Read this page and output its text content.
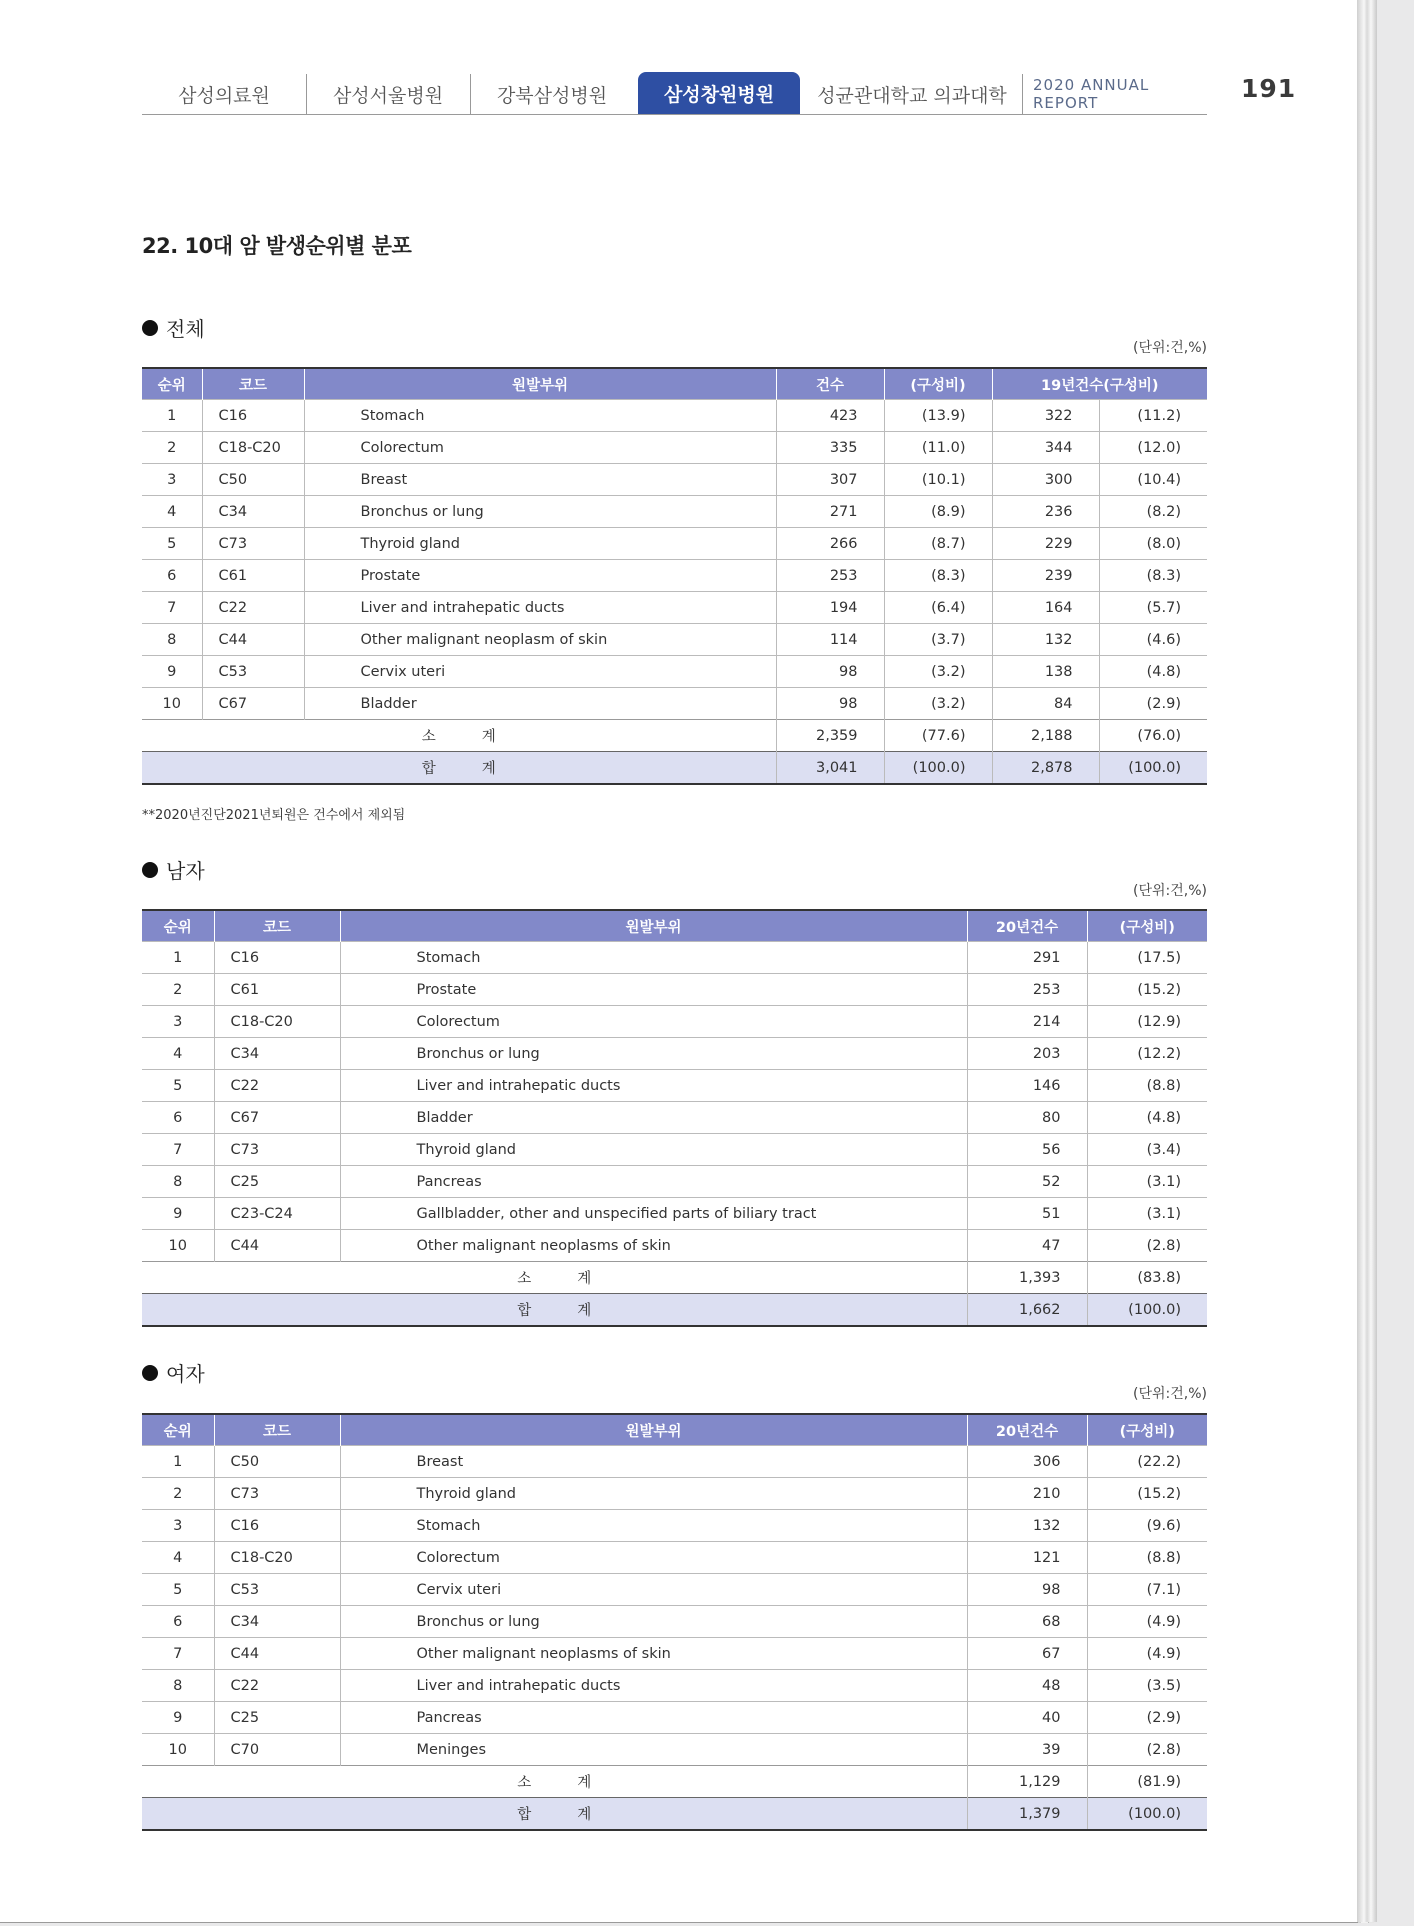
삼성의료원	삼성서울병원	강북삼성병원	삼성창원병원	성균관대학교 의과대학	2020 ANNUAL REPORT	191
22. 10대 암 발생순위별 분포
전체
(단위:건,%)
순위	코드	원발부위	건수	(구성비)	19년건수(구성비)	
1	C16	Stomach	423	(13.9)	322	(11.2)
2	C18-C20	Colorectum	335	(11.0)	344	(12.0)
3	C50	Breast	307	(10.1)	300	(10.4)
4	C34	Bronchus or lung	271	(8.9)	236	(8.2)
5	C73	Thyroid gland	266	(8.7)	229	(8.0)
6	C61	Prostate	253	(8.3)	239	(8.3)
7	C22	Liver and intrahepatic ducts	194	(6.4)	164	(5.7)
8	C44	Other malignant neoplasm of skin	114	(3.7)	132	(4.6)
9	C53	Cervix uteri	98	(3.2)	138	(4.8)
10	C67	Bladder	98	(3.2)	84	(2.9)
소          계			2,359	(77.6)	2,188	(76.0)
합          계			3,041	(100.0)	2,878	(100.0)
**2020년진단2021년퇴원은 건수에서 제외됨
남자
(단위:건,%)
순위	코드	원발부위	20년건수	(구성비)
1	C16	Stomach	291	(17.5)
2	C61	Prostate	253	(15.2)
3	C18-C20	Colorectum	214	(12.9)
4	C34	Bronchus or lung	203	(12.2)
5	C22	Liver and intrahepatic ducts	146	(8.8)
6	C67	Bladder	80	(4.8)
7	C73	Thyroid gland	56	(3.4)
8	C25	Pancreas	52	(3.1)
9	C23-C24	Gallbladder, other and unspecified parts of biliary tract	51	(3.1)
10	C44	Other malignant neoplasms of skin	47	(2.8)
소          계			1,393	(83.8)
합          계			1,662	(100.0)
여자
(단위:건,%)
순위	코드	원발부위	20년건수	(구성비)
1	C50	Breast	306	(22.2)
2	C73	Thyroid gland	210	(15.2)
3	C16	Stomach	132	(9.6)
4	C18-C20	Colorectum	121	(8.8)
5	C53	Cervix uteri	98	(7.1)
6	C34	Bronchus or lung	68	(4.9)
7	C44	Other malignant neoplasms of skin	67	(4.9)
8	C22	Liver and intrahepatic ducts	48	(3.5)
9	C25	Pancreas	40	(2.9)
10	C70	Meninges	39	(2.8)
소          계			1,129	(81.9)
합          계			1,379	(100.0)
